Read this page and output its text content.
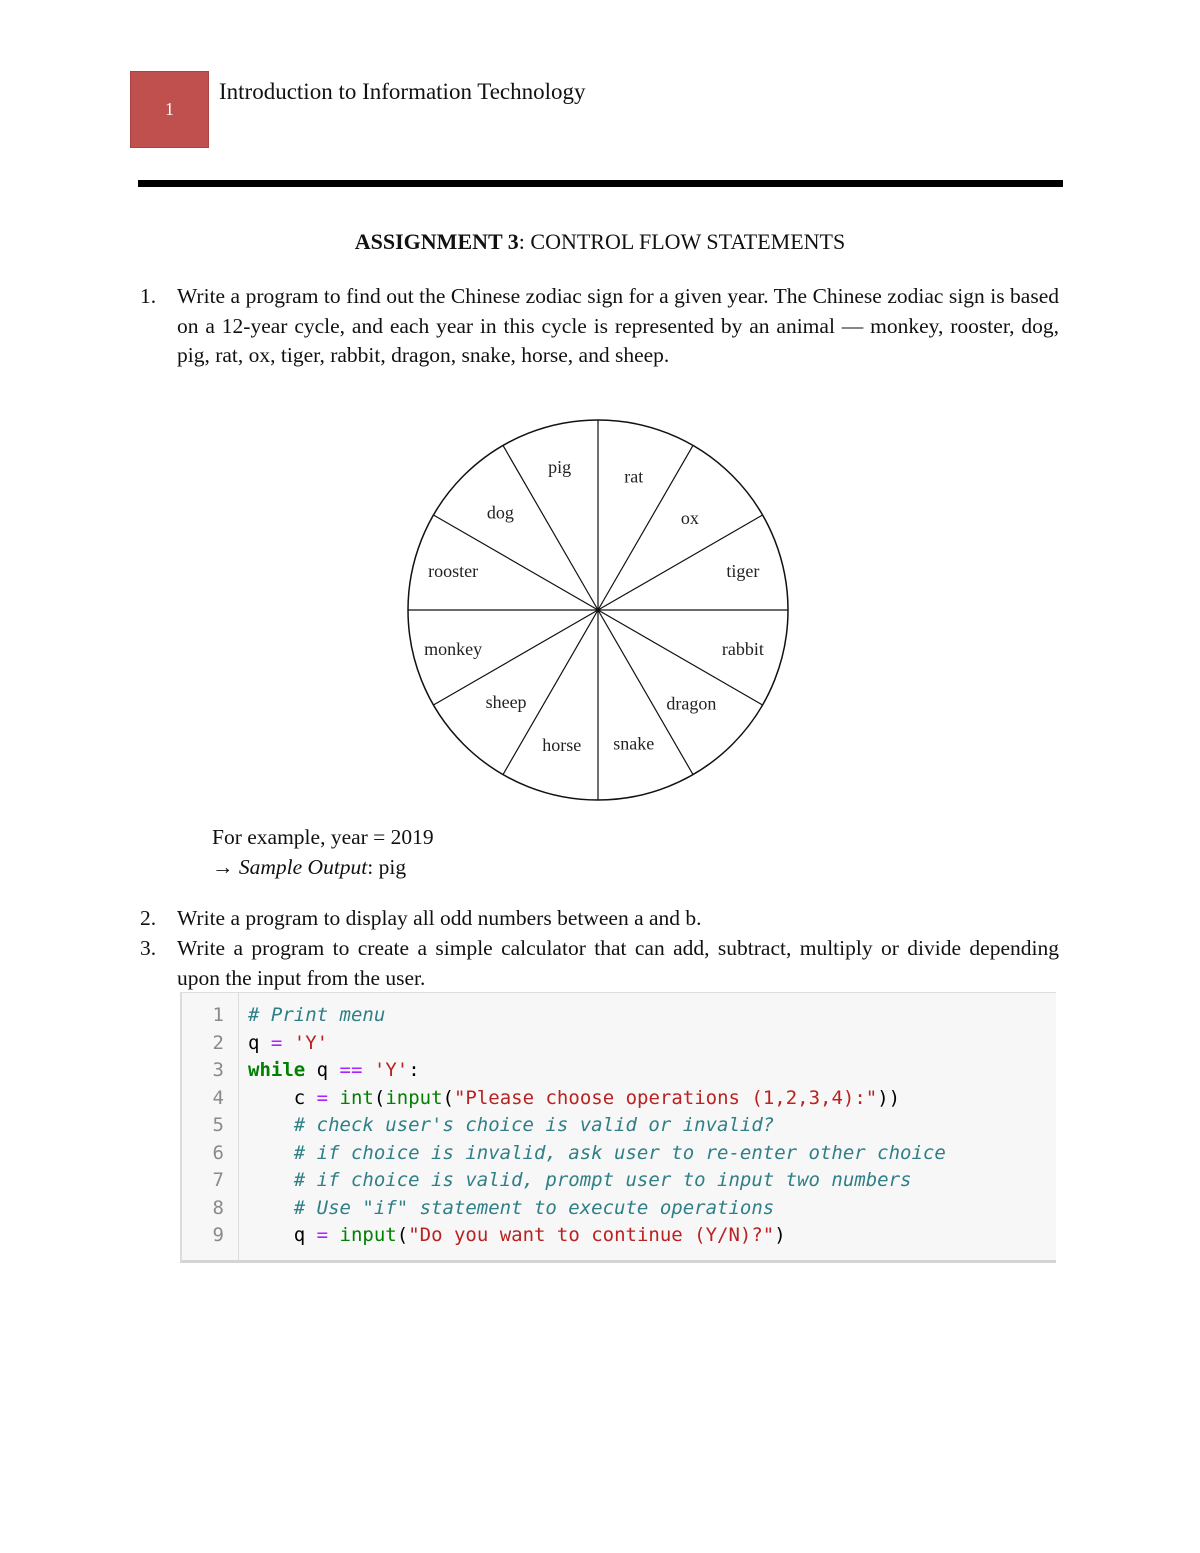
1
Introduction to Information Technology
ASSIGNMENT 3: CONTROL FLOW STATEMENTS
1. Write a program to find out the Chinese zodiac sign for a given year. The Chinese zodiac sign is based on a 12-year cycle, and each year in this cycle is represented by an animal — monkey, rooster, dog, pig, rat, ox, tiger, rabbit, dragon, snake, horse, and sheep.
pig	rat
ox
tiger
rabbit
dragon
snake
horse
sheep
monkey
rooster
dog
For example, year = 2019
→ Sample Output: pig
2. Write a program to display all odd numbers between a and b.
3. Write a program to create a simple calculator that can add, subtract, multiply or divide depending upon the input from the user.
1 # Print menu
2 q = 'Y'
3 while q == 'Y':
4 c = int(input("Please choose operations (1,2,3,4):"))
5	# check user's choice is valid or invalid?
6	# if choice is invalid, ask user to re-enter other choice
7	# if choice is valid, prompt user to input two numbers
8	# Use "if" statement to execute operations
9 q = input("Do you want to continue (Y/N)?")
